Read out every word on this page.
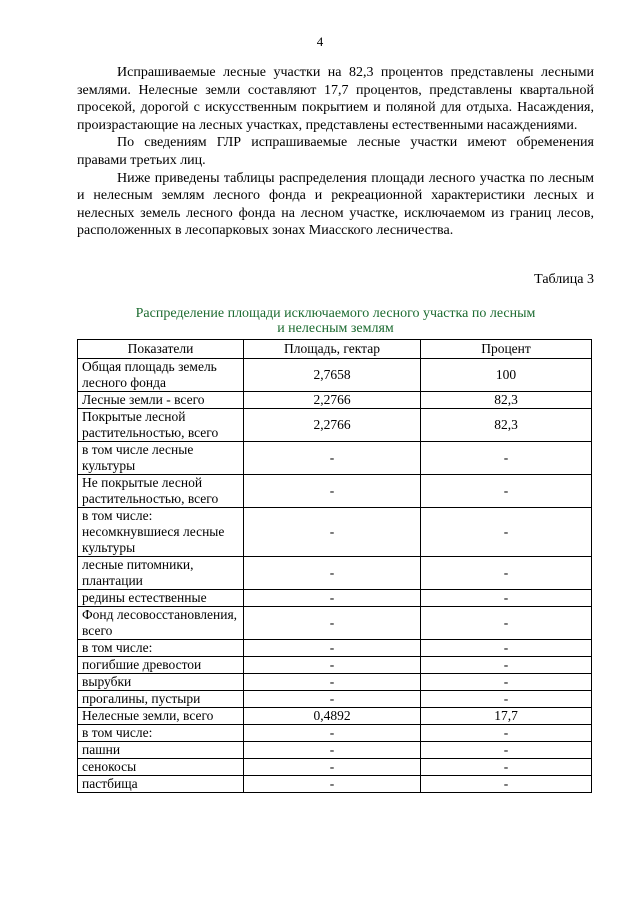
4

Испрашиваемые лесные участки на 82,3 процентов представлены лесными землями. Нелесные земли составляют 17,7 процентов, представлены квартальной просекой, дорогой с искусственным покрытием и поляной для отдыха. Насаждения, произрастающие на лесных участках, представлены естественными насаждениями.

По сведениям ГЛР испрашиваемые лесные участки имеют обременения правами третьих лиц.

Ниже приведены таблицы распределения площади лесного участка по лесным и нелесным землям лесного фонда и рекреационной характеристики лесных и нелесных земель лесного фонда на лесном участке, исключаемом из границ лесов, расположенных в лесопарковых зонах Миасского лесничества.

Таблица 3
Распределение площади исключаемого лесного участка по лесным
и нелесным землям
Показатели	Площадь, гектар	Процент
Общая площадь земель лесного фонда	2,7658	100
Лесные земли - всего	2,2766	82,3
Покрытые лесной растительностью, всего	2,2766	82,3
в том числе лесные культуры	-	-
Не покрытые лесной растительностью, всего	-	-
в том числе: несомкнувшиеся лесные культуры	-	-
лесные питомники, плантации	-	-
редины естественные	-	-
Фонд лесовосстановления, всего	-	-
в том числе:	-	-
погибшие древостои	-	-
вырубки	-	-
прогалины, пустыри	-	-
Нелесные земли, всего	0,4892	17,7
в том числе:	-	-
пашни	-	-
сенокосы	-	-
пастбища	-	-
